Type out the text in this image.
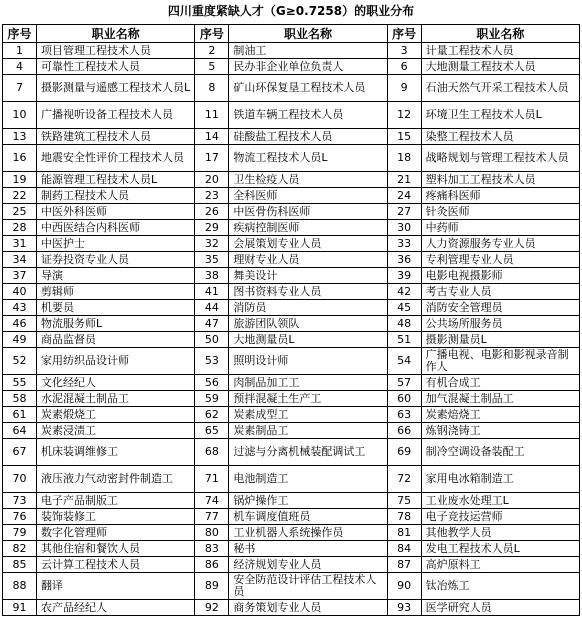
四川重度紧缺人才（G≥0.7258）的职业分布
序号	职业名称	序号	职业名称	序号	职业名称
1	项目管理工程技术人员	2	制油工	3	计量工程技术人员
4	可靠性工程技术人员	5	民办非企业单位负责人	6	大地测量工程技术人员
7	摄影测量与遥感工程技术人员L	8	矿山环保复垦工程技术人员	9	石油天然气开采工程技术人员
10	广播视听设备工程技术人员	11	铁道车辆工程技术人员	12	环境卫生工程技术人员L
13	铁路建筑工程技术人员	14	硅酸盐工程技术人员	15	染整工程技术人员
16	地震安全性评价工程技术人员	17	物流工程技术人员L	18	战略规划与管理工程技术人员
19	能源管理工程技术人员L	20	卫生检疫人员	21	塑料加工工程技术人员
22	制药工程技术人员	23	全科医师	24	疼痛科医师
25	中医外科医师	26	中医骨伤科医师	27	针灸医师
28	中西医结合内科医师	29	疾病控制医师	30	中药师
31	中医护士	32	会展策划专业人员	33	人力资源服务专业人员
34	证券投资专业人员	35	理财专业人员	36	专利管理专业人员
37	导演	38	舞美设计	39	电影电视摄影师
40	剪辑师	41	图书资料专业人员	42	考古专业人员
43	机要员	44	消防员	45	消防安全管理员
46	物流服务师L	47	旅游团队领队	48	公共场所服务员
49	商品监督员	50	大地测量员L	51	摄影测量员L
52	家用纺织品设计师	53	照明设计师	54	广播电视、电影和影视录音制作人
55	文化经纪人	56	肉制品加工工	57	有机合成工
58	水泥混凝土制品工	59	预拌混凝土生产工	60	加气混凝土制品工
61	炭素煅烧工	62	炭素成型工	63	炭素焙烧工
64	炭素浸渍工	65	炭素制品工	66	炼钢浇铸工
67	机床装调维修工	68	过滤与分离机械装配调试工	69	制冷空调设备装配工
70	液压液力气动密封件制造工	71	电池制造工	72	家用电冰箱制造工
73	电子产品制版工	74	锅炉操作工	75	工业废水处理工L
76	装饰装修工	77	机车调度值班员	78	电子竞技运营师
79	数字化管理师	80	工业机器人系统操作员	81	其他教学人员
82	其他住宿和餐饮人员	83	秘书	84	发电工程技术人员L
85	云计算工程技术人员	86	经济规划专业人员	87	高炉原料工
88	翻译	89	安全防范设计评估工程技术人员	90	钛冶炼工
91	农产品经纪人	92	商务策划专业人员	93	医学研究人员
